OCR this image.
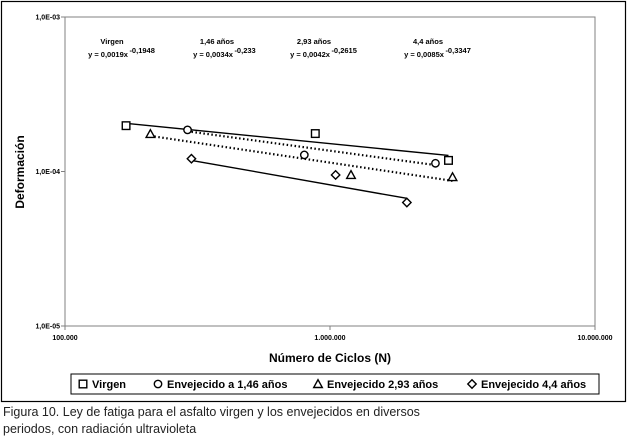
100.000	1.000.000	10.000.000
1,0E-05
1,0E-04
1,0E-03
Deformación
Número de Ciclos (N)
Virgen
y = 0,0019x -0,1948
1,46 años
y = 0,0034x -0,233
2,93 años
y = 0,0042x -0,2615
4,4 años
y = 0,0085x -0,3347
Virgen	Envejecido a 1,46 años	Envejecido 2,93 años	Envejecido 4,4 años
Figura 10. Ley de fatiga para el asfalto virgen y los envejecidos en diversos
periodos, con radiación ultravioleta
